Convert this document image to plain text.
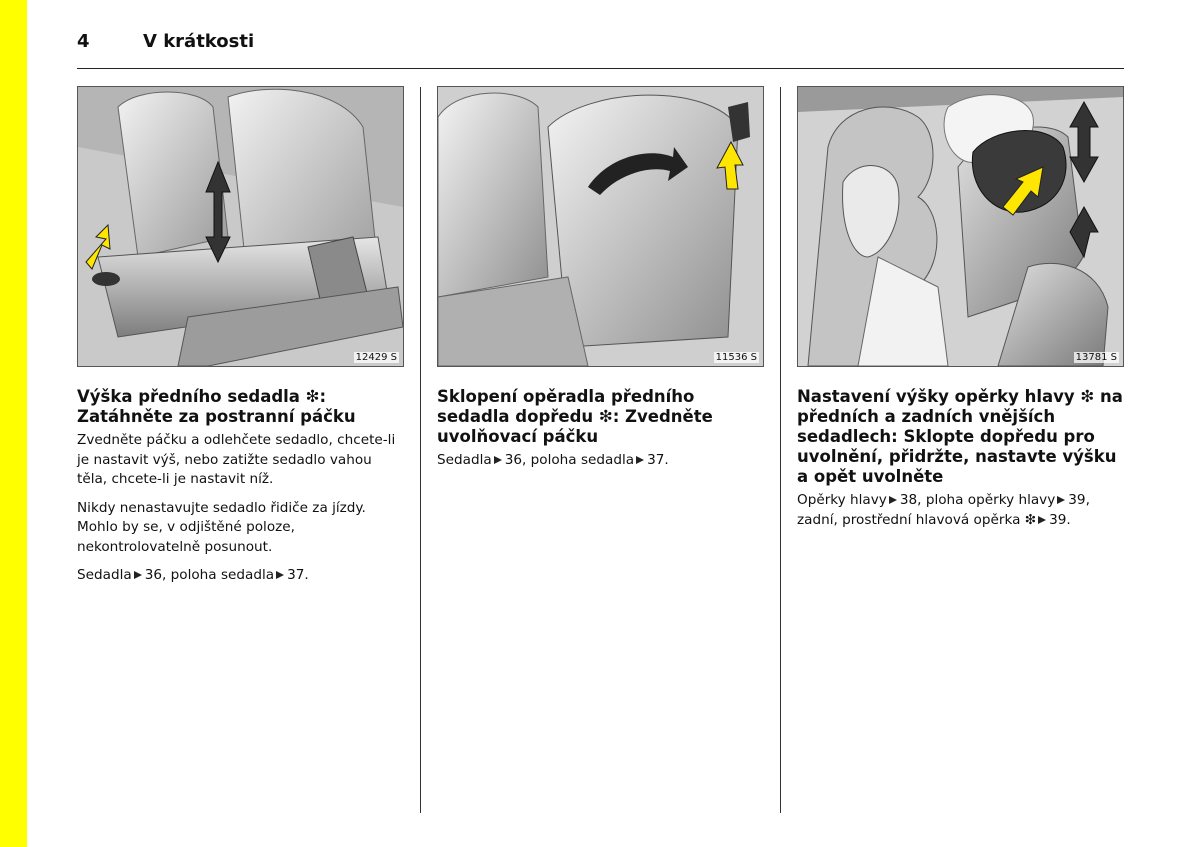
4	V krátkosti
12429 S
Výška předního sedadla ❇: Zatáhněte za postranní páčku

Zvedněte páčku a odlehčete sedadlo, chcete-li je nastavit výš, nebo zatižte sedadlo vahou těla, chcete-li je nastavit níž.

Nikdy nenastavujte sedadlo řidiče za jízdy. Mohlo by se, v odjištěné poloze, nekontrolovatelně posunout.

Sedadla 36, poloha sedadla 37.

11536 S
Sklopení opěradla předního sedadla dopředu ❇: Zvedněte uvolňovací páčku

Sedadla 36, poloha sedadla 37.

13781 S
Nastavení výšky opěrky hlavy ❇ na předních a zadních vnějších sedadlech: Sklopte dopředu pro uvolnění, přidržte, nastavte výšku a opět uvolněte

Opěrky hlavy 38, ploha opěrky hlavy 39,
zadní, prostřední hlavová opěrka ❇ 39.
